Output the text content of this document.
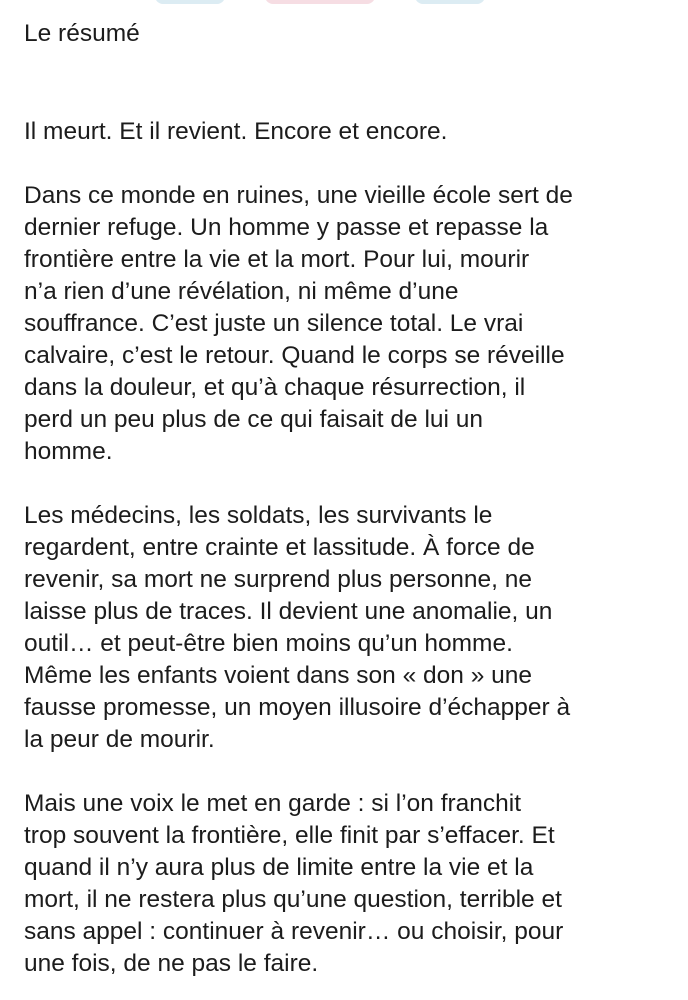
Le résumé

Il meurt. Et il revient. Encore et encore.

Dans ce monde en ruines, une vieille école sert de
dernier refuge. Un homme y passe et repasse la
frontière entre la vie et la mort. Pour lui, mourir
n’a rien d’une révélation, ni même d’une
souffrance. C’est juste un silence total. Le vrai
calvaire, c’est le retour. Quand le corps se réveille
dans la douleur, et qu’à chaque résurrection, il
perd un peu plus de ce qui faisait de lui un
homme.

Les médecins, les soldats, les survivants le
regardent, entre crainte et lassitude. À force de
revenir, sa mort ne surprend plus personne, ne
laisse plus de traces. Il devient une anomalie, un
outil… et peut-être bien moins qu’un homme.
Même les enfants voient dans son « don » une
fausse promesse, un moyen illusoire d’échapper à
la peur de mourir.

Mais une voix le met en garde : si l’on franchit
trop souvent la frontière, elle finit par s’effacer. Et
quand il n’y aura plus de limite entre la vie et la
mort, il ne restera plus qu’une question, terrible et
sans appel : continuer à revenir… ou choisir, pour
une fois, de ne pas le faire.
